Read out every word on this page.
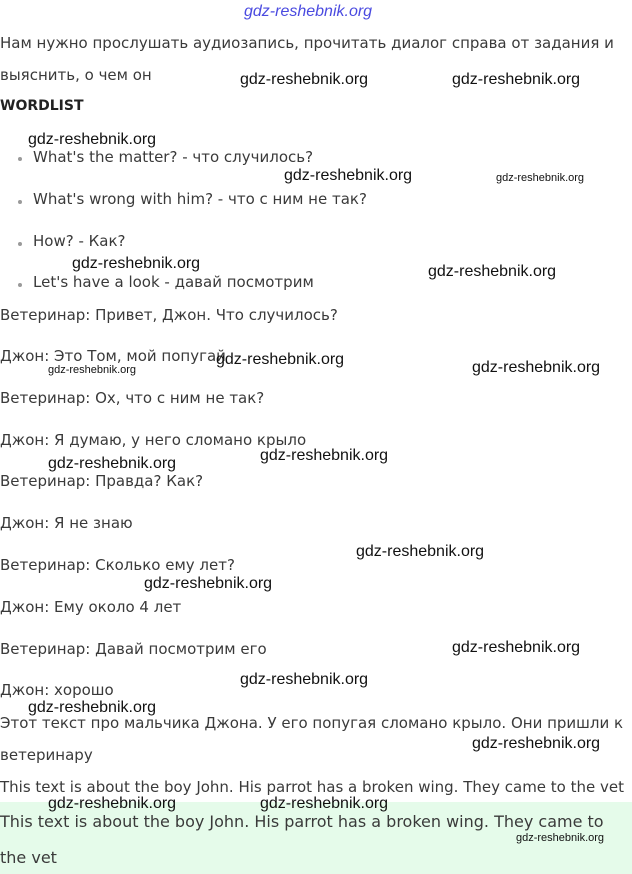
gdz-reshebnik.org
Нам нужно прослушать аудиозапись, прочитать диалог справа от задания и
выяснить, о чем он
WORDLIST
What's the matter? - что случилось?
What's wrong with him? - что с ним не так?
How? - Как?
Let's have a look - давай посмотрим
Ветеринар: Привет, Джон. Что случилось?
Джон: Это Том, мой попугай
Ветеринар: Ох, что с ним не так?
Джон: Я думаю, у него сломано крыло
Ветеринар: Правда? Как?
Джон: Я не знаю
Ветеринар: Сколько ему лет?
Джон: Ему около 4 лет
Ветеринар: Давай посмотрим его
Джон: хорошо
Этот текст про мальчика Джона. У его попугая сломано крыло. Они пришли к
ветеринару
This text is about the boy John. His parrot has a broken wing. They came to the vet
This text is about the boy John. His parrot has a broken wing. They came to
the vet
gdz-reshebnik.org	gdz-reshebnik.org
gdz-reshebnik.org
gdz-reshebnik.org	gdz-reshebnik.org
gdz-reshebnik.org	gdz-reshebnik.org
gdz-reshebnik.org
gdz-reshebnik.org	gdz-reshebnik.org
gdz-reshebnik.org
gdz-reshebnik.org
gdz-reshebnik.org
gdz-reshebnik.org
gdz-reshebnik.org
gdz-reshebnik.org
gdz-reshebnik.org
gdz-reshebnik.org
gdz-reshebnik.org	gdz-reshebnik.org
gdz-reshebnik.org
